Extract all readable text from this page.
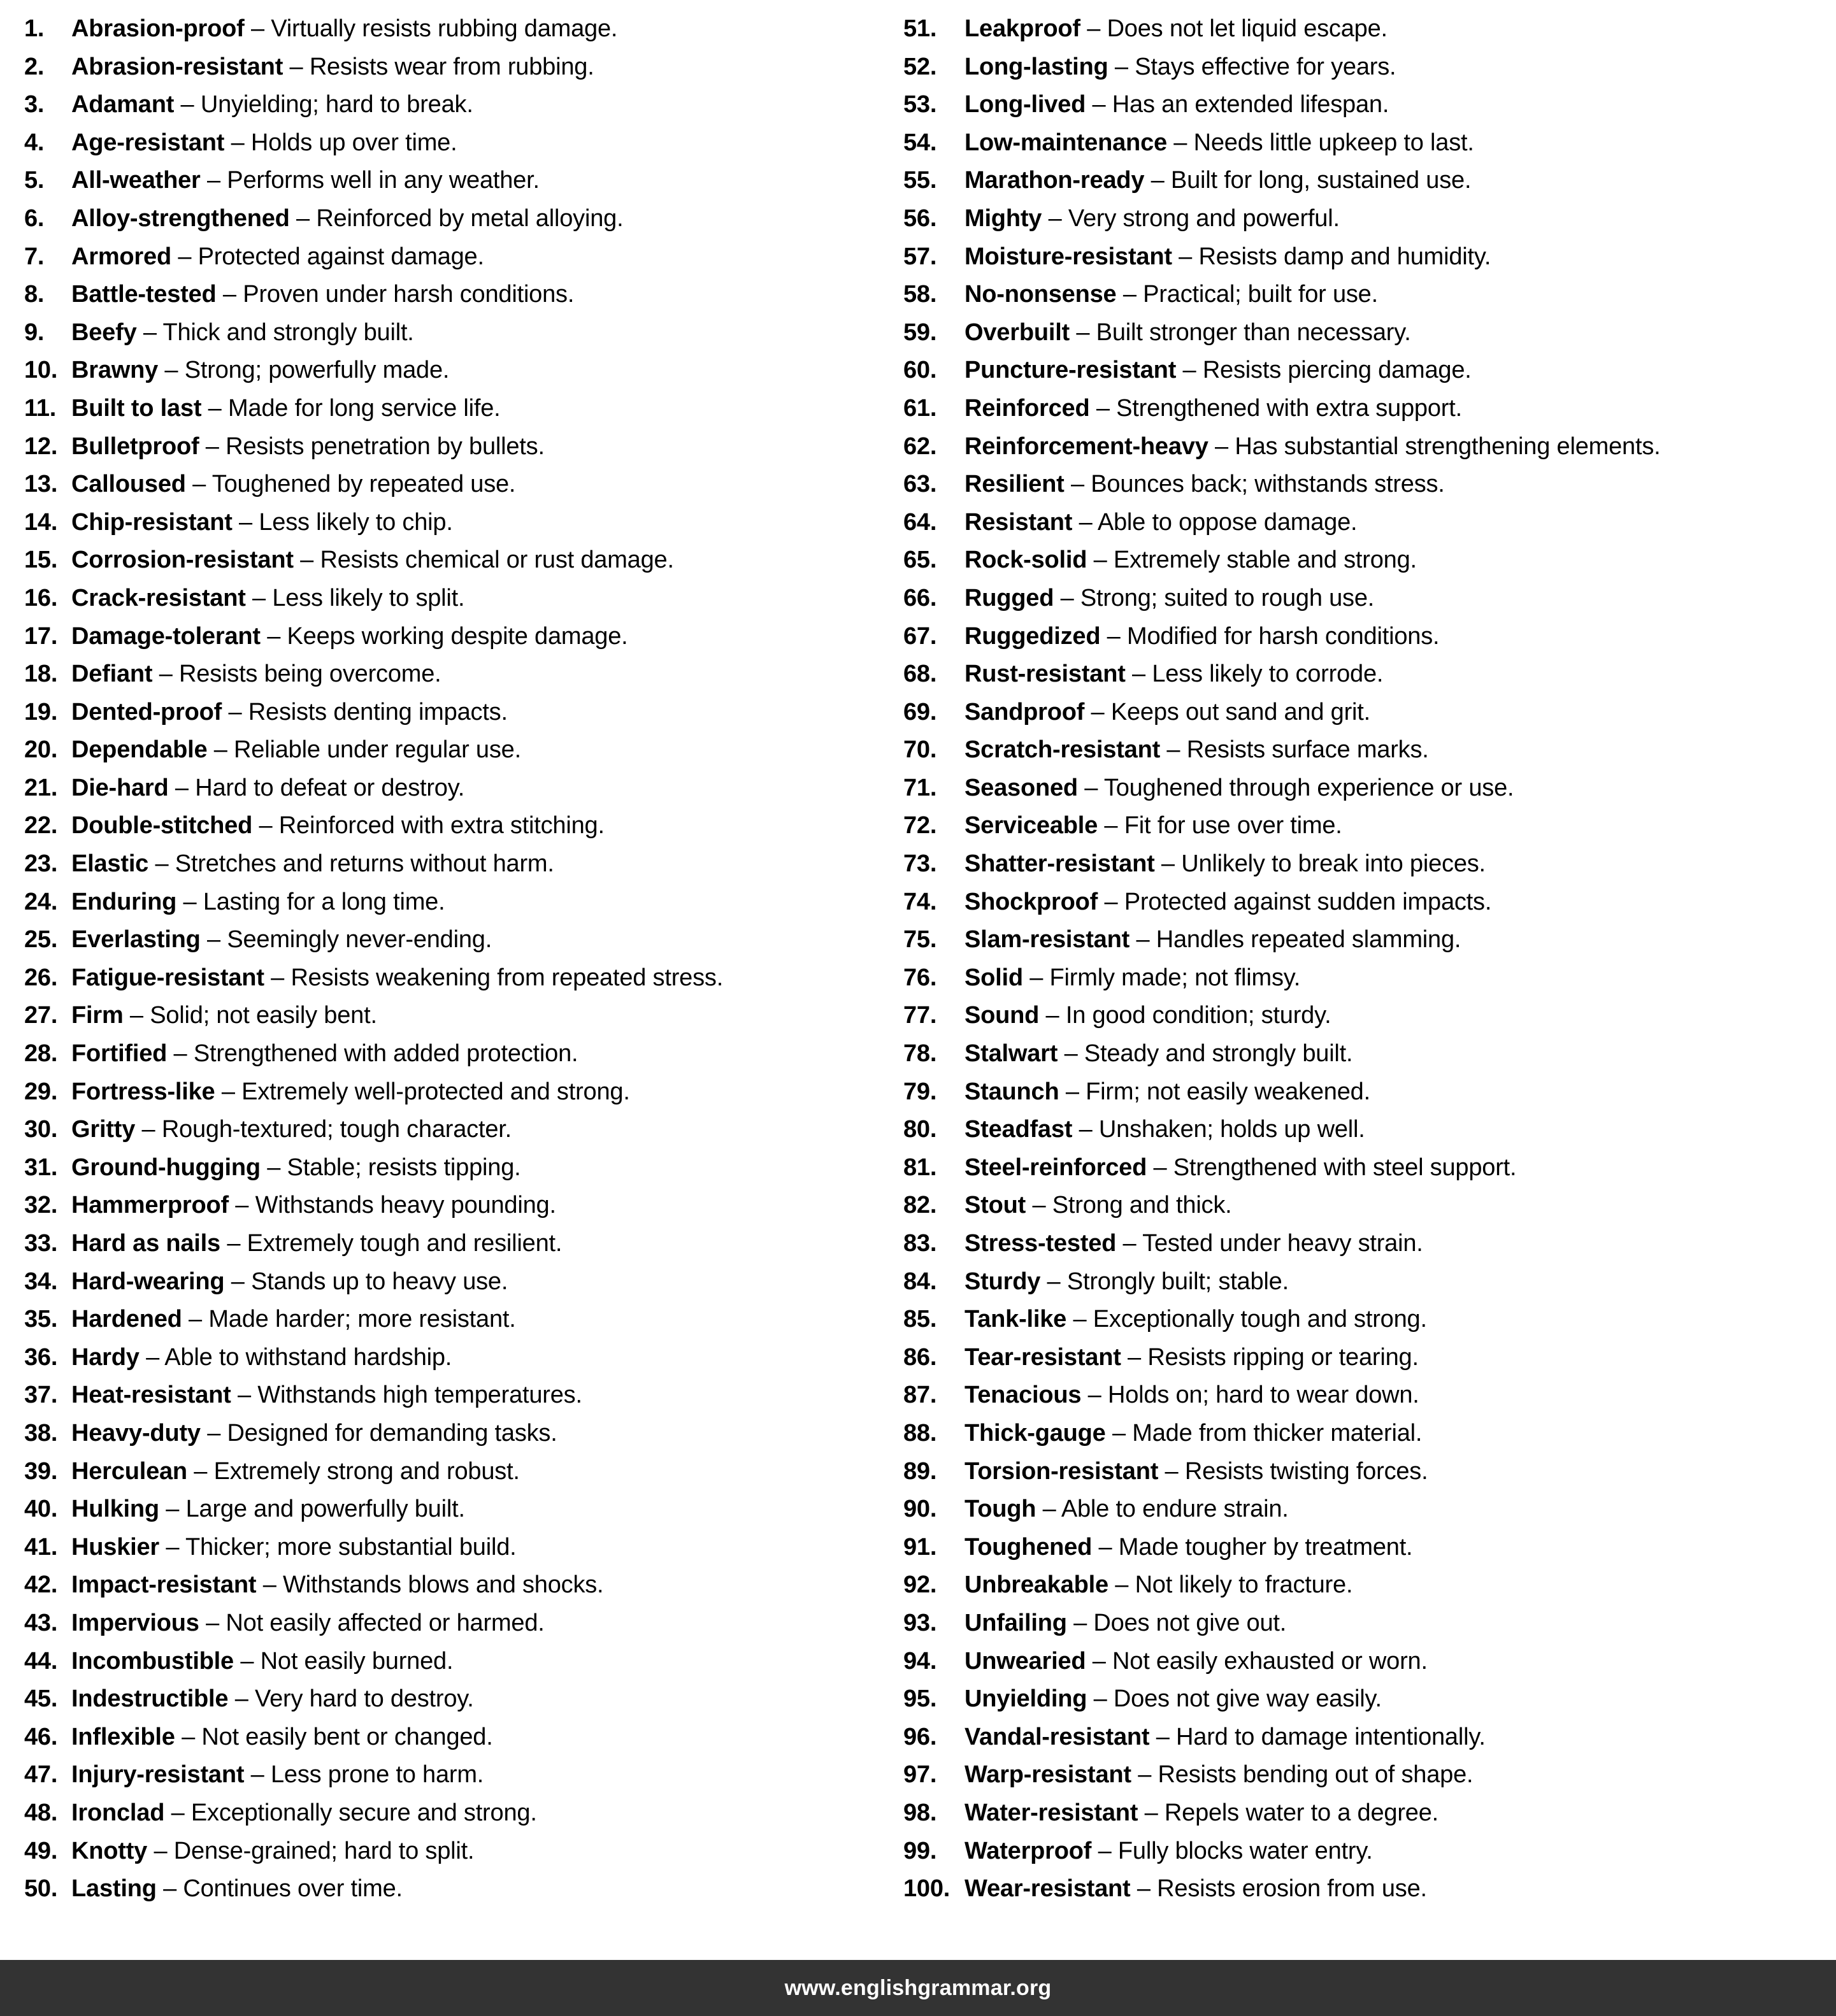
1.	Abrasion-proof – Virtually resists rubbing damage.
2.	Abrasion-resistant – Resists wear from rubbing.
3.	Adamant – Unyielding; hard to break.
4.	Age-resistant – Holds up over time.
5.	All-weather – Performs well in any weather.
6.	Alloy-strengthened – Reinforced by metal alloying.
7.	Armored – Protected against damage.
8.	Battle-tested – Proven under harsh conditions.
9.	Beefy – Thick and strongly built.
10. Brawny – Strong; powerfully made.
11. Built to last – Made for long service life.
12. Bulletproof – Resists penetration by bullets.
13. Calloused – Toughened by repeated use.
14. Chip-resistant – Less likely to chip.
15. Corrosion-resistant – Resists chemical or rust damage.
16. Crack-resistant – Less likely to split.
17. Damage-tolerant – Keeps working despite damage.
18. Defiant – Resists being overcome.
19. Dented-proof – Resists denting impacts.
20. Dependable – Reliable under regular use.
21. Die-hard – Hard to defeat or destroy.
22. Double-stitched – Reinforced with extra stitching.
23. Elastic – Stretches and returns without harm.
24. Enduring – Lasting for a long time.
25. Everlasting – Seemingly never-ending.
26. Fatigue-resistant – Resists weakening from repeated stress.
27. Firm – Solid; not easily bent.
28. Fortified – Strengthened with added protection.
29. Fortress-like – Extremely well-protected and strong.
30. Gritty – Rough-textured; tough character.
31. Ground-hugging – Stable; resists tipping.
32. Hammerproof – Withstands heavy pounding.
33. Hard as nails – Extremely tough and resilient.
34. Hard-wearing – Stands up to heavy use.
35. Hardened – Made harder; more resistant.
36. Hardy – Able to withstand hardship.
37. Heat-resistant – Withstands high temperatures.
38. Heavy-duty – Designed for demanding tasks.
39. Herculean – Extremely strong and robust.
40. Hulking – Large and powerfully built.
41. Huskier – Thicker; more substantial build.
42. Impact-resistant – Withstands blows and shocks.
43. Impervious – Not easily affected or harmed.
44. Incombustible – Not easily burned.
45. Indestructible – Very hard to destroy.
46. Inflexible – Not easily bent or changed.
47. Injury-resistant – Less prone to harm.
48. Ironclad – Exceptionally secure and strong.
49. Knotty – Dense-grained; hard to split.
50. Lasting – Continues over time.
51.	Leakproof – Does not let liquid escape.
52.	Long-lasting – Stays effective for years.
53.	Long-lived – Has an extended lifespan.
54.	Low-maintenance – Needs little upkeep to last.
55.	Marathon-ready – Built for long, sustained use.
56.	Mighty – Very strong and powerful.
57.	Moisture-resistant – Resists damp and humidity.
58.	No-nonsense – Practical; built for use.
59.	Overbuilt – Built stronger than necessary.
60.	Puncture-resistant – Resists piercing damage.
61.	Reinforced – Strengthened with extra support.
62.	Reinforcement-heavy – Has substantial strengthening elements.
63.	Resilient – Bounces back; withstands stress.
64.	Resistant – Able to oppose damage.
65.	Rock-solid – Extremely stable and strong.
66.	Rugged – Strong; suited to rough use.
67.	Ruggedized – Modified for harsh conditions.
68.	Rust-resistant – Less likely to corrode.
69.	Sandproof – Keeps out sand and grit.
70.	Scratch-resistant – Resists surface marks.
71.	Seasoned – Toughened through experience or use.
72.	Serviceable – Fit for use over time.
73.	Shatter-resistant – Unlikely to break into pieces.
74.	Shockproof – Protected against sudden impacts.
75.	Slam-resistant – Handles repeated slamming.
76.	Solid – Firmly made; not flimsy.
77.	Sound – In good condition; sturdy.
78.	Stalwart – Steady and strongly built.
79.	Staunch – Firm; not easily weakened.
80.	Steadfast – Unshaken; holds up well.
81.	Steel-reinforced – Strengthened with steel support.
82.	Stout – Strong and thick.
83.	Stress-tested – Tested under heavy strain.
84.	Sturdy – Strongly built; stable.
85.	Tank-like – Exceptionally tough and strong.
86.	Tear-resistant – Resists ripping or tearing.
87.	Tenacious – Holds on; hard to wear down.
88.	Thick-gauge – Made from thicker material.
89.	Torsion-resistant – Resists twisting forces.
90.	Tough – Able to endure strain.
91.	Toughened – Made tougher by treatment.
92.	Unbreakable – Not likely to fracture.
93.	Unfailing – Does not give out.
94.	Unwearied – Not easily exhausted or worn.
95.	Unyielding – Does not give way easily.
96.	Vandal-resistant – Hard to damage intentionally.
97.	Warp-resistant – Resists bending out of shape.
98.	Water-resistant – Repels water to a degree.
99.	Waterproof – Fully blocks water entry.
100. Wear-resistant – Resists erosion from use.
www.englishgrammar.org
